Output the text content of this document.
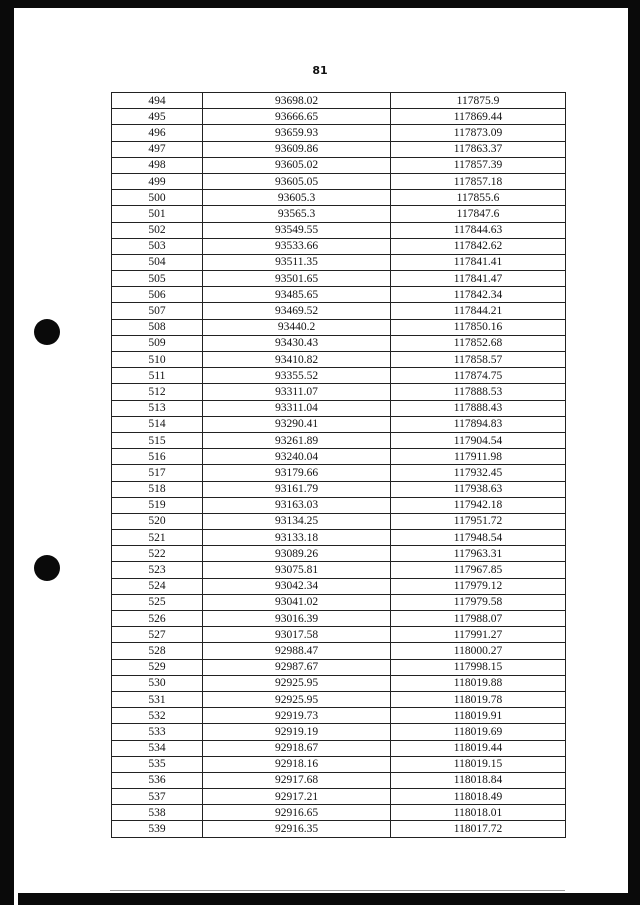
81
494	93698.02	117875.9
495	93666.65	117869.44
496	93659.93	117873.09
497	93609.86	117863.37
498	93605.02	117857.39
499	93605.05	117857.18
500	93605.3	117855.6
501	93565.3	117847.6
502	93549.55	117844.63
503	93533.66	117842.62
504	93511.35	117841.41
505	93501.65	117841.47
506	93485.65	117842.34
507	93469.52	117844.21
508	93440.2	117850.16
509	93430.43	117852.68
510	93410.82	117858.57
511	93355.52	117874.75
512	93311.07	117888.53
513	93311.04	117888.43
514	93290.41	117894.83
515	93261.89	117904.54
516	93240.04	117911.98
517	93179.66	117932.45
518	93161.79	117938.63
519	93163.03	117942.18
520	93134.25	117951.72
521	93133.18	117948.54
522	93089.26	117963.31
523	93075.81	117967.85
524	93042.34	117979.12
525	93041.02	117979.58
526	93016.39	117988.07
527	93017.58	117991.27
528	92988.47	118000.27
529	92987.67	117998.15
530	92925.95	118019.88
531	92925.95	118019.78
532	92919.73	118019.91
533	92919.19	118019.69
534	92918.67	118019.44
535	92918.16	118019.15
536	92917.68	118018.84
537	92917.21	118018.49
538	92916.65	118018.01
539	92916.35	118017.72
